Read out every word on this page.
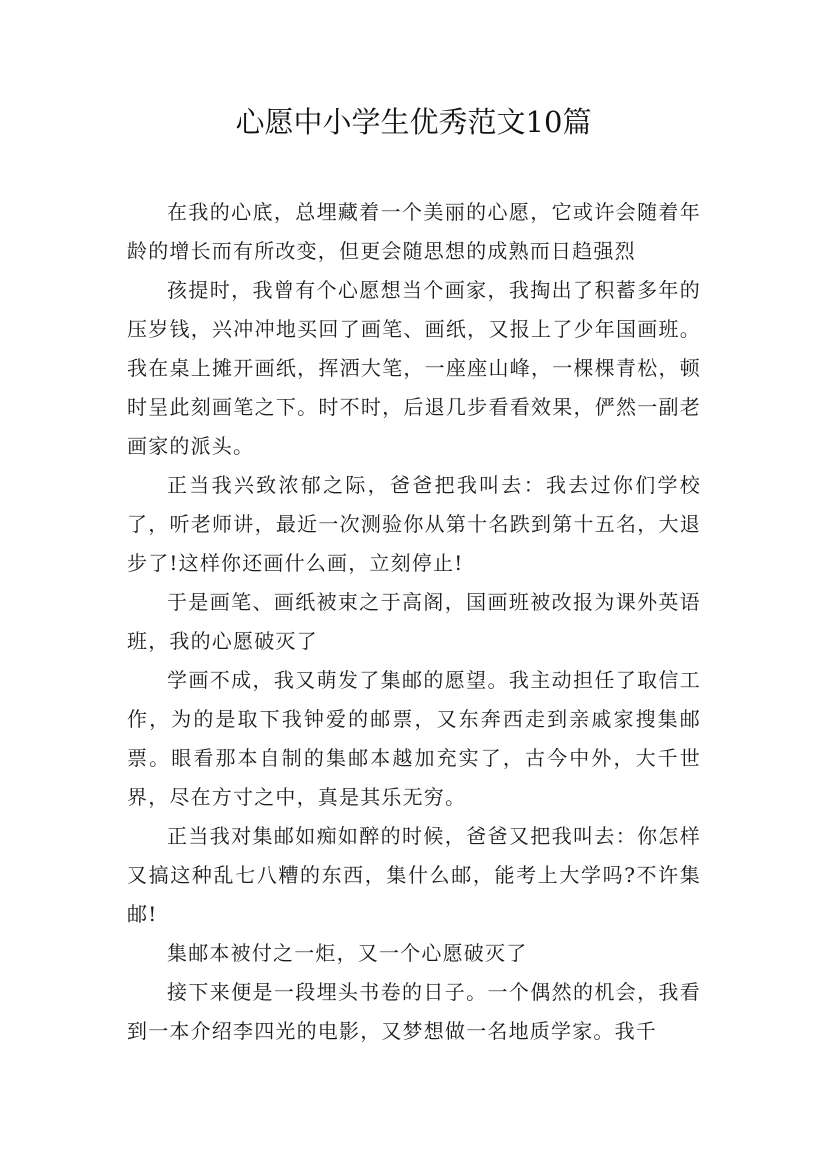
心愿中小学生优秀范文10篇

在我的心底，总埋藏着一个美丽的心愿，它或许会随着年龄的增长而有所改变，但更会随思想的成熟而日趋强烈

孩提时，我曾有个心愿想当个画家，我掏出了积蓄多年的压岁钱，兴冲冲地买回了画笔、画纸，又报上了少年国画班。我在桌上摊开画纸，挥洒大笔，一座座山峰，一棵棵青松，顿时呈此刻画笔之下。时不时，后退几步看看效果，俨然一副老画家的派头。

正当我兴致浓郁之际，爸爸把我叫去：我去过你们学校了，听老师讲，最近一次测验你从第十名跌到第十五名，大退步了!这样你还画什么画，立刻停止!

于是画笔、画纸被束之于高阁，国画班被改报为课外英语班，我的心愿破灭了

学画不成，我又萌发了集邮的愿望。我主动担任了取信工作，为的是取下我钟爱的邮票，又东奔西走到亲戚家搜集邮票。眼看那本自制的集邮本越加充实了，古今中外，大千世界，尽在方寸之中，真是其乐无穷。

正当我对集邮如痴如醉的时候，爸爸又把我叫去：你怎样又搞这种乱七八糟的东西，集什么邮，能考上大学吗?不许集邮!

集邮本被付之一炬，又一个心愿破灭了

接下来便是一段埋头书卷的日子。一个偶然的机会，我看到一本介绍李四光的电影，又梦想做一名地质学家。我千
